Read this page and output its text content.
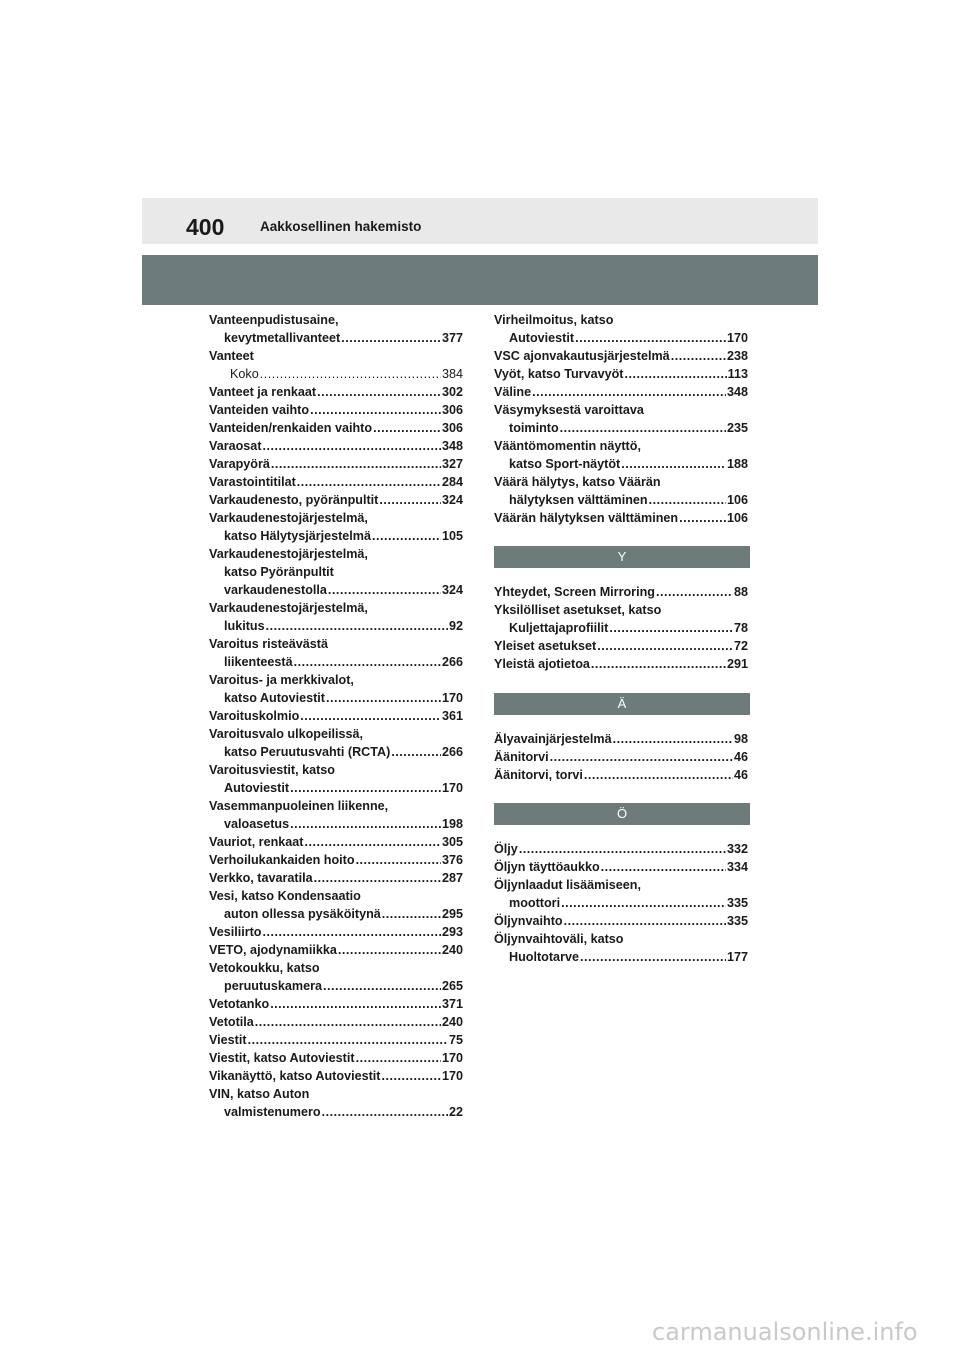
400	Aakkosellinen hakemisto
Vanteenpudistusaine,
kevytmetallivanteet .....	377
Vanteet
Koko .....	384
Vanteet ja renkaat .....	302
Vanteiden vaihto .....	306
Vanteiden/renkaiden vaihto .....	306
Varaosat .....	348
Varapyörä .....	327
Varastointitilat .....	284
Varkaudenesto, pyöränpultit .....	324
Varkaudenestojärjestelmä,
katso Hälytysjärjestelmä .....	105
Varkaudenestojärjestelmä,
katso Pyöränpultit
varkaudenestolla .....	324
Varkaudenestojärjestelmä,
lukitus .....	92
Varoitus risteävästä
liikenteestä .....	266
Varoitus- ja merkkivalot,
katso Autoviestit .....	170
Varoituskolmio .....	361
Varoitusvalo ulkopeilissä,
katso Peruutusvahti (RCTA) .....	266
Varoitusviestit, katso
Autoviestit .....	170
Vasemmanpuoleinen liikenne,
valoasetus .....	198
Vauriot, renkaat .....	305
Verhoilukankaiden hoito .....	376
Verkko, tavaratila .....	287
Vesi, katso Kondensaatio
auton ollessa pysäköitynä .....	295
Vesiliirto .....	293
VETO, ajodynamiikka .....	240
Vetokoukku, katso
peruutuskamera .....	265
Vetotanko .....	371
Vetotila .....	240
Viestit .....	75
Viestit, katso Autoviestit .....	170
Vikanäyttö, katso Autoviestit .....	170
VIN, katso Auton
valmistenumero .....	22
Virheilmoitus, katso
Autoviestit .....	170
VSC ajonvakautusjärjestelmä .....	238
Vyöt, katso Turvavyöt .....	113
Väline .....	348
Väsymyksestä varoittava
toiminto .....	235
Vääntömomentin näyttö,
katso Sport-näytöt .....	188
Väärä hälytys, katso Väärän
hälytyksen välttäminen .....	106
Väärän hälytyksen välttäminen .....	106
Y
Yhteydet, Screen Mirroring .....	88
Yksilölliset asetukset, katso
Kuljettajaprofiilit .....	78
Yleiset asetukset .....	72
Yleistä ajotietoa .....	291
Ä
Älyavainjärjestelmä .....	98
Äänitorvi .....	46
Äänitorvi, torvi .....	46
Ö
Öljy .....	332
Öljyn täyttöaukko .....	334
Öljynlaadut lisäämiseen,
moottori .....	335
Öljynvaihto .....	335
Öljynvaihtoväli, katso
Huoltotarve .....	177
carmanualsonline.info
